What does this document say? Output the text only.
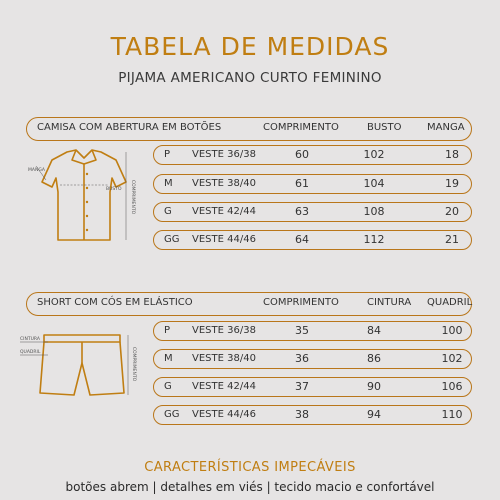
TABELA DE MEDIDAS
PIJAMA AMERICANO CURTO FEMININO
CAMISA COM ABERTURA EM BOTÕES	COMPRIMENTO	BUSTO	MANGA
MANGA
BUSTO COMPRIMENTO
P VESTE 36/38	60	102	18
M VESTE 38/40	61	104	19
G VESTE 42/44	63	108	20
GG VESTE 44/46	64	112	21
SHORT COM CÓS EM ELÁSTICO	COMPRIMENTO	CINTURA QUADRIL
CINTURA
QUADRIL	COMPRIMENTO
P VESTE 36/38	35	84	100
M VESTE 38/40	36	86	102
G VESTE 42/44	37	90	106
GG VESTE 44/46	38	94	110
CARACTERÍSTICAS IMPECÁVEIS
botões abrem | detalhes em viés | tecido macio e confortável
